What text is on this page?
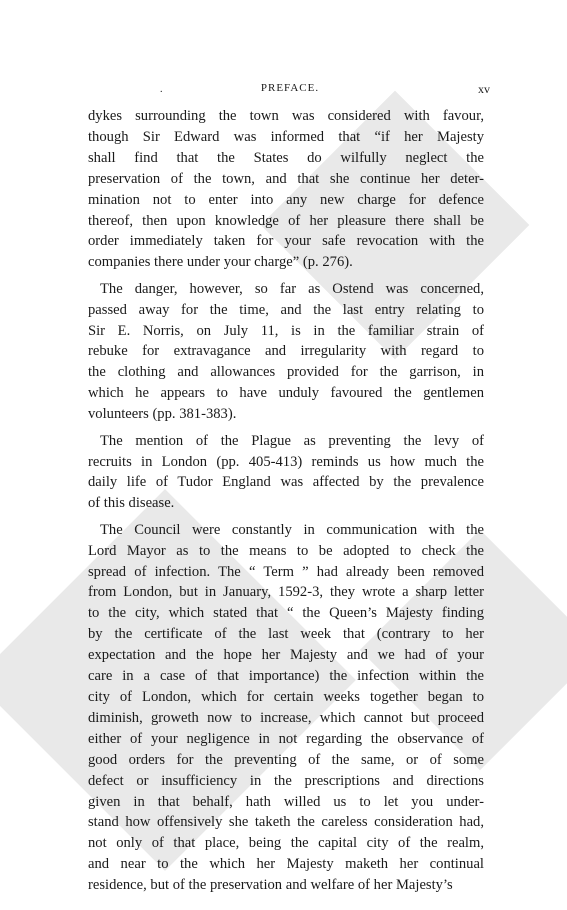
.	PREFACE.	xv

dykes surrounding the town was considered with favour,
though Sir Edward was informed that “if her Majesty
shall find that the States do wilfully neglect the
preservation of the town, and that she continue her deter-
mination not to enter into any new charge for defence
thereof, then upon knowledge of her pleasure there shall be
order immediately taken for your safe revocation with the
companies there under your charge” (p. 276).

The danger, however, so far as Ostend was concerned,
passed away for the time, and the last entry relating to
Sir E. Norris, on July 11, is in the familiar strain of
rebuke for extravagance and irregularity with regard to
the clothing and allowances provided for the garrison, in
which he appears to have unduly favoured the gentlemen
volunteers (pp. 381-383).

The mention of the Plague as preventing the levy of
recruits in London (pp. 405-413) reminds us how much the
daily life of Tudor England was affected by the prevalence
of this disease.

The Council were constantly in communication with the
Lord Mayor as to the means to be adopted to check the
spread of infection. The “ Term ” had already been removed
from London, but in January, 1592-3, they wrote a sharp letter
to the city, which stated that “ the Queen’s Majesty finding
by the certificate of the last week that (contrary to her
expectation and the hope her Majesty and we had of your
care in a case of that importance) the infection within the
city of London, which for certain weeks together began to
diminish, groweth now to increase, which cannot but proceed
either of your negligence in not regarding the observance of
good orders for the preventing of the same, or of some
defect or insufficiency in the prescriptions and directions
given in that behalf, hath willed us to let you under-
stand how offensively she taketh the careless consideration had,
not only of that place, being the capital city of the realm,
and near to the which her Majesty maketh her continual
residence, but of the preservation and welfare of her Majesty’s
